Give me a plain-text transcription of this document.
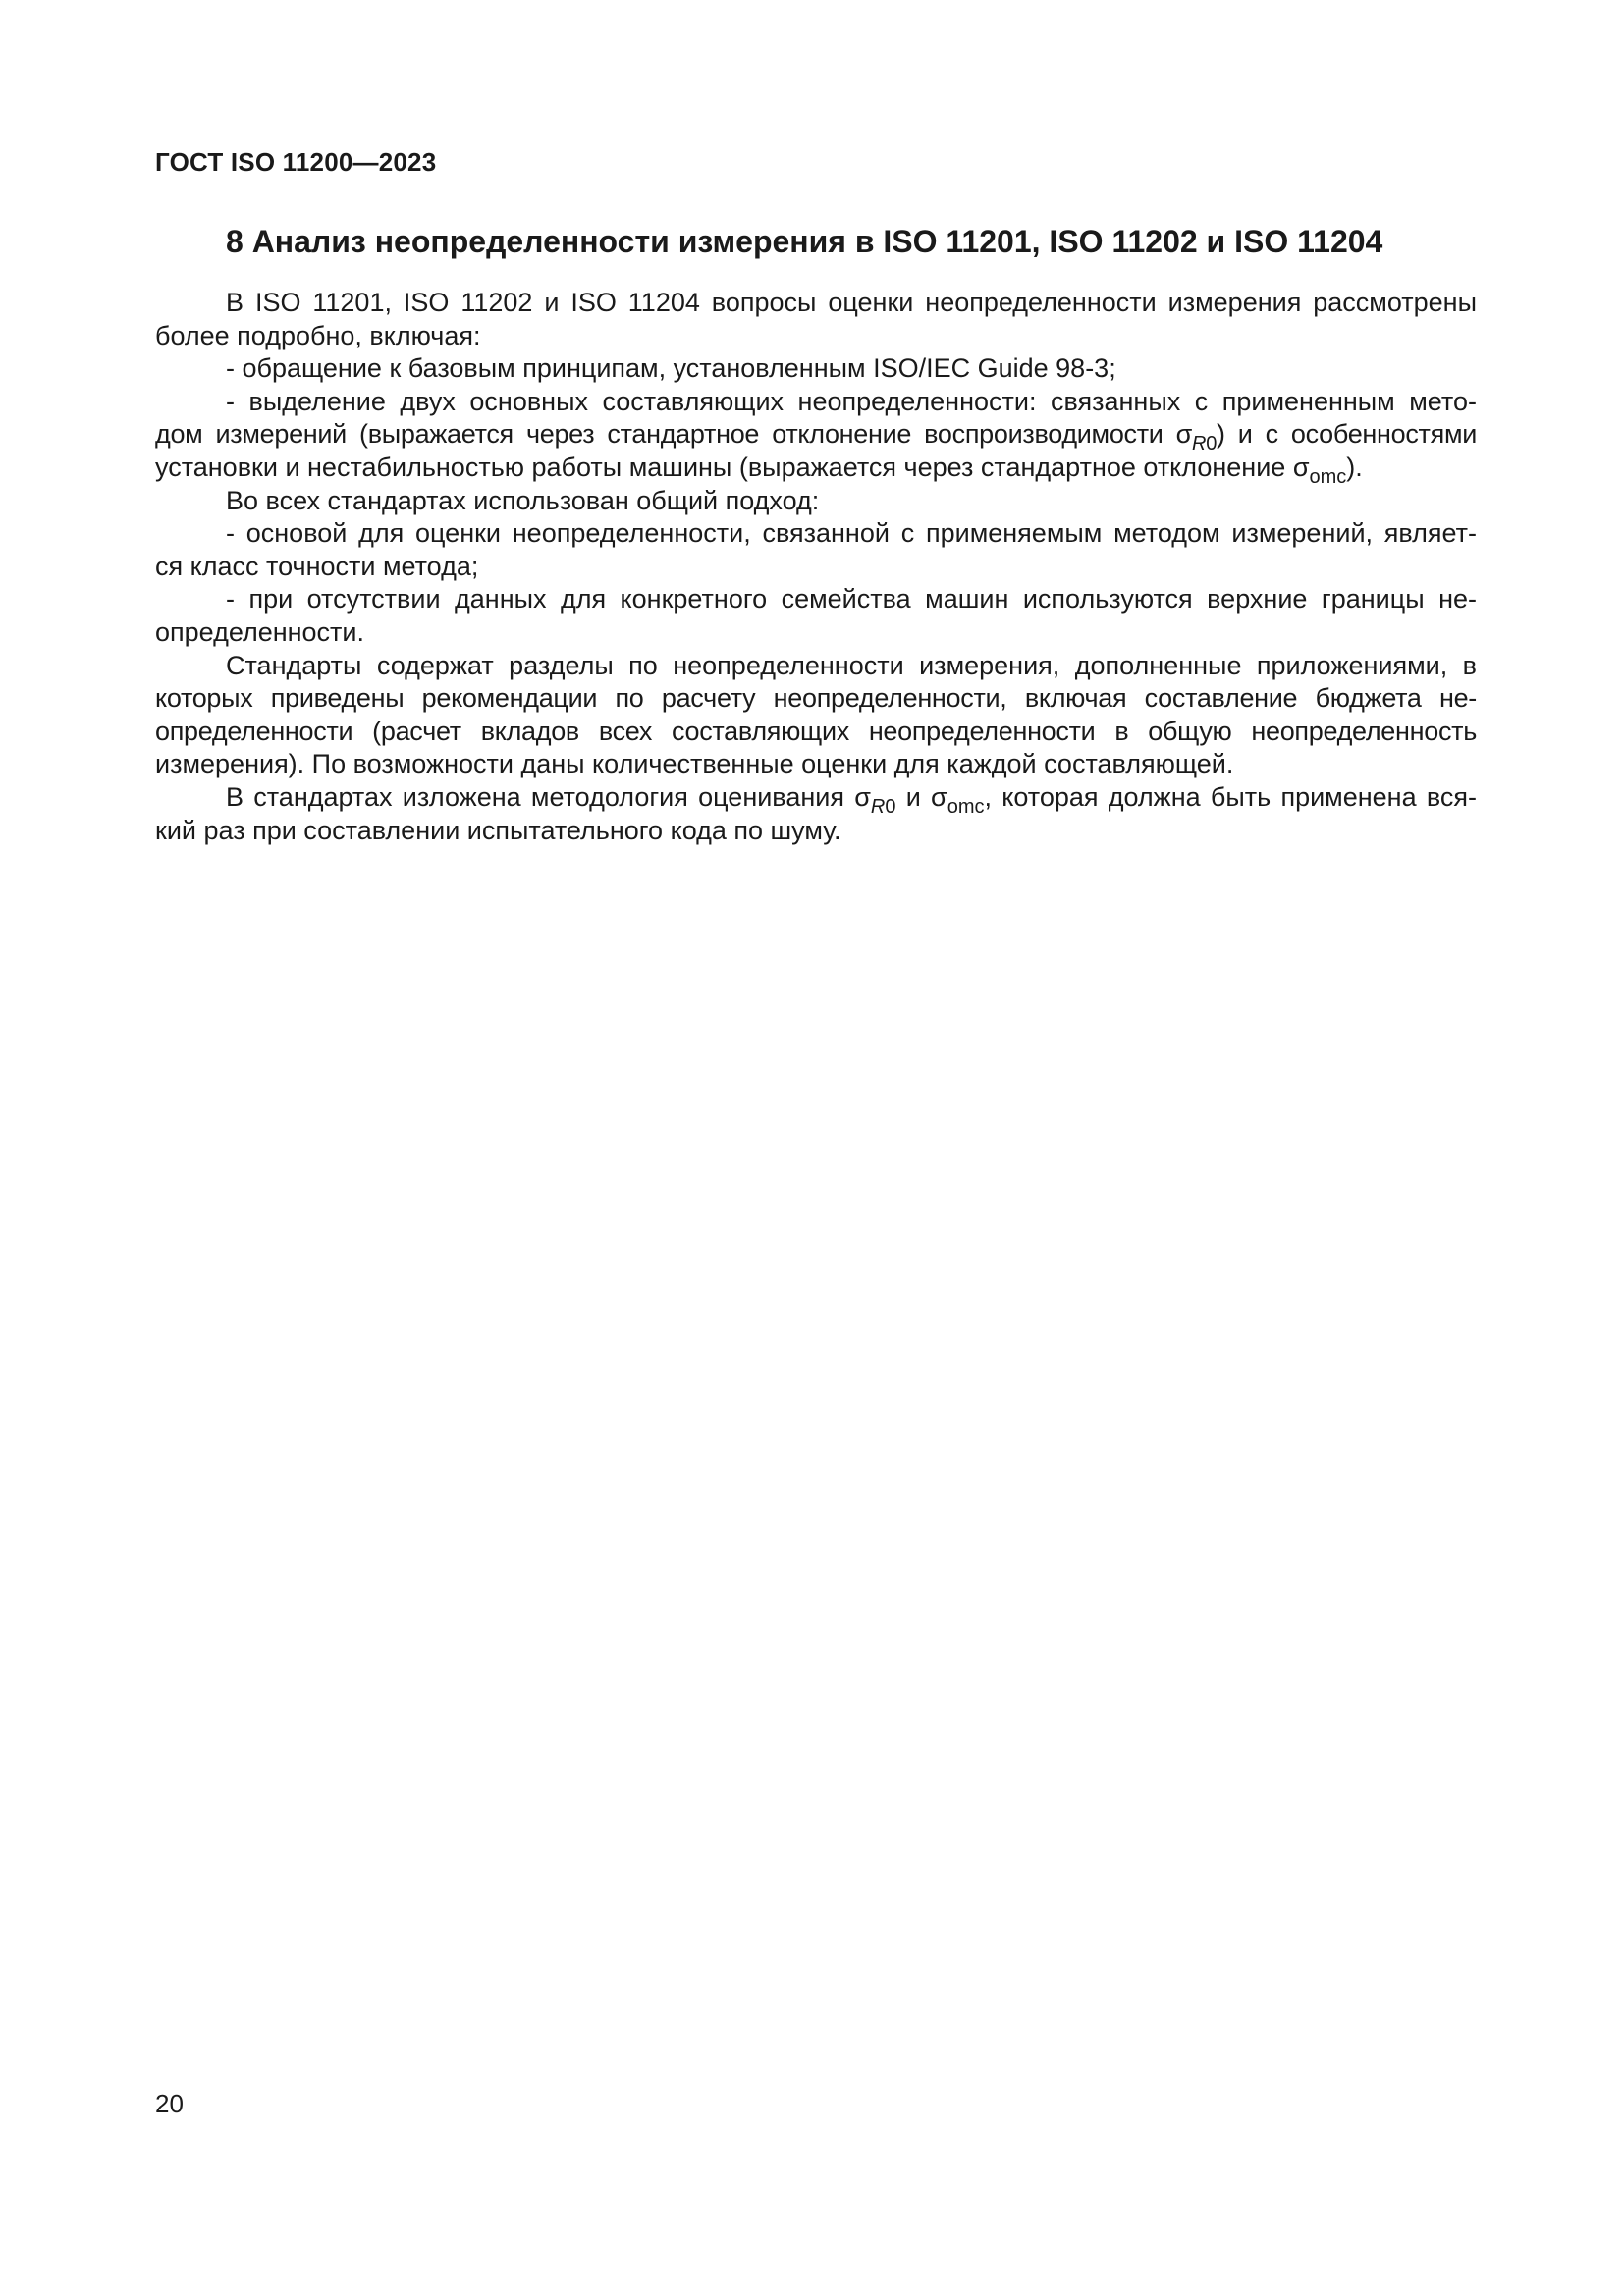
ГОСТ ISO 11200—2023
8 Анализ неопределенности измерения в ISO 11201, ISO 11202 и ISO 11204
В ISO 11201, ISO 11202 и ISO 11204 вопросы оценки неопределенности измерения рассмотрены
более подробно, включая:
- обращение к базовым принципам, установленным ISO/IEC Guide 98-3;
- выделение двух основных составляющих неопределенности: связанных с примененным мето-
дом измерений (выражается через стандартное отклонение воспроизводимости $\sigma_{R0}$) и с особенностями
установки и нестабильностью работы машины (выражается через стандартное отклонение $\sigma_{omc}$).
Во всех стандартах использован общий подход:
- основой для оценки неопределенности, связанной с применяемым методом измерений, являет-
ся класс точности метода;
- при отсутствии данных для конкретного семейства машин используются верхние границы не-
определенности.
Стандарты содержат разделы по неопределенности измерения, дополненные приложениями, в
которых приведены рекомендации по расчету неопределенности, включая составление бюджета не-
определенности (расчет вкладов всех составляющих неопределенности в общую неопределенность
измерения). По возможности даны количественные оценки для каждой составляющей.
В стандартах изложена методология оценивания $\sigma_{R0}$ и $\sigma_{omc}$, которая должна быть применена вся-
кий раз при составлении испытательного кода по шуму.
20
